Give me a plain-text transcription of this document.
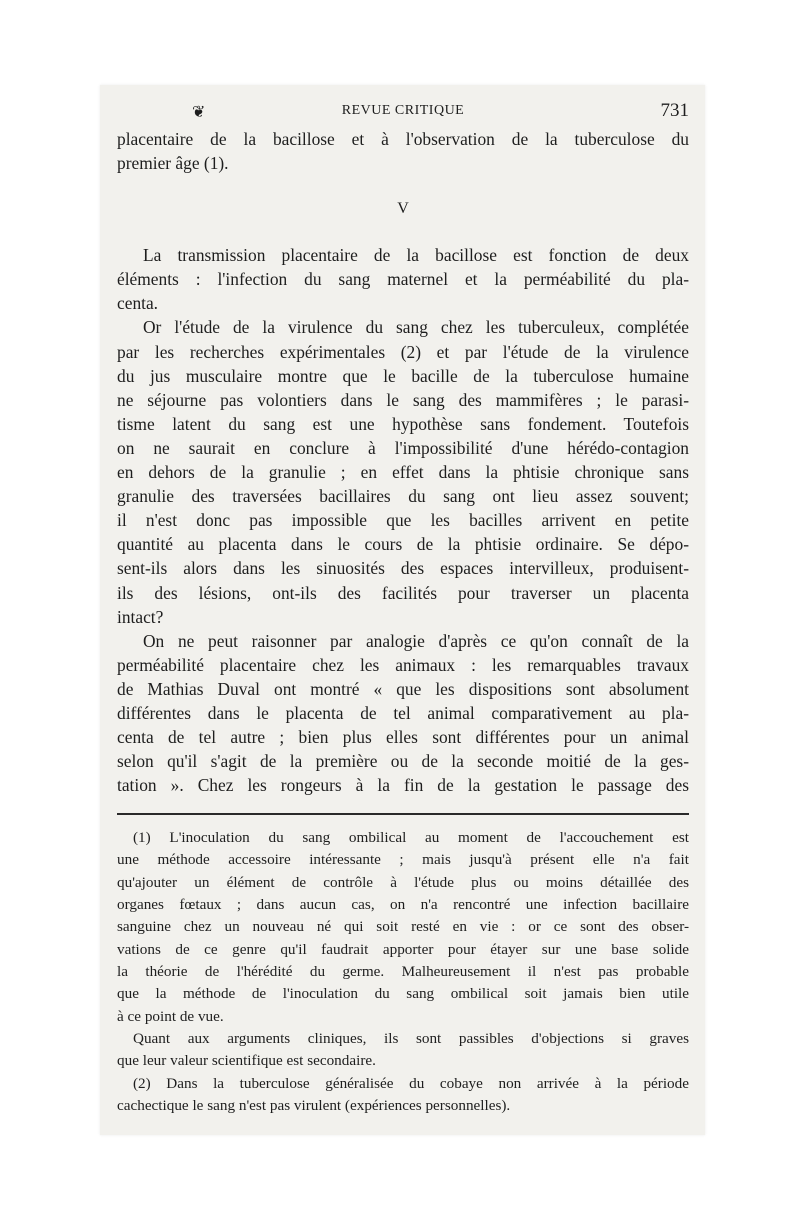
❦	REVUE CRITIQUE	731
placentaire de la bacillose et à l'observation de la tuberculose du
premier âge (1).
V
La transmission placentaire de la bacillose est fonction de deux
éléments : l'infection du sang maternel et la perméabilité du pla-
centa.
Or l'étude de la virulence du sang chez les tuberculeux, complétée
par les recherches expérimentales (2) et par l'étude de la virulence
du jus musculaire montre que le bacille de la tuberculose humaine
ne séjourne pas volontiers dans le sang des mammifères ; le parasi-
tisme latent du sang est une hypothèse sans fondement. Toutefois
on ne saurait en conclure à l'impossibilité d'une hérédo-contagion
en dehors de la granulie ; en effet dans la phtisie chronique sans
granulie des traversées bacillaires du sang ont lieu assez souvent;
il n'est donc pas impossible que les bacilles arrivent en petite
quantité au placenta dans le cours de la phtisie ordinaire. Se dépo-
sent-ils alors dans les sinuosités des espaces intervilleux, produisent-
ils des lésions, ont-ils des facilités pour traverser un placenta
intact?
On ne peut raisonner par analogie d'après ce qu'on connaît de la
perméabilité placentaire chez les animaux : les remarquables travaux
de Mathias Duval ont montré « que les dispositions sont absolument
différentes dans le placenta de tel animal comparativement au pla-
centa de tel autre ; bien plus elles sont différentes pour un animal
selon qu'il s'agit de la première ou de la seconde moitié de la ges-
tation ». Chez les rongeurs à la fin de la gestation le passage des
(1) L'inoculation du sang ombilical au moment de l'accouchement est
une méthode accessoire intéressante ; mais jusqu'à présent elle n'a fait
qu'ajouter un élément de contrôle à l'étude plus ou moins détaillée des
organes fœtaux ; dans aucun cas, on n'a rencontré une infection bacillaire
sanguine chez un nouveau né qui soit resté en vie : or ce sont des obser-
vations de ce genre qu'il faudrait apporter pour étayer sur une base solide
la théorie de l'hérédité du germe. Malheureusement il n'est pas probable
que la méthode de l'inoculation du sang ombilical soit jamais bien utile
à ce point de vue.
Quant aux arguments cliniques, ils sont passibles d'objections si graves
que leur valeur scientifique est secondaire.
(2) Dans la tuberculose généralisée du cobaye non arrivée à la période
cachectique le sang n'est pas virulent (expériences personnelles).
